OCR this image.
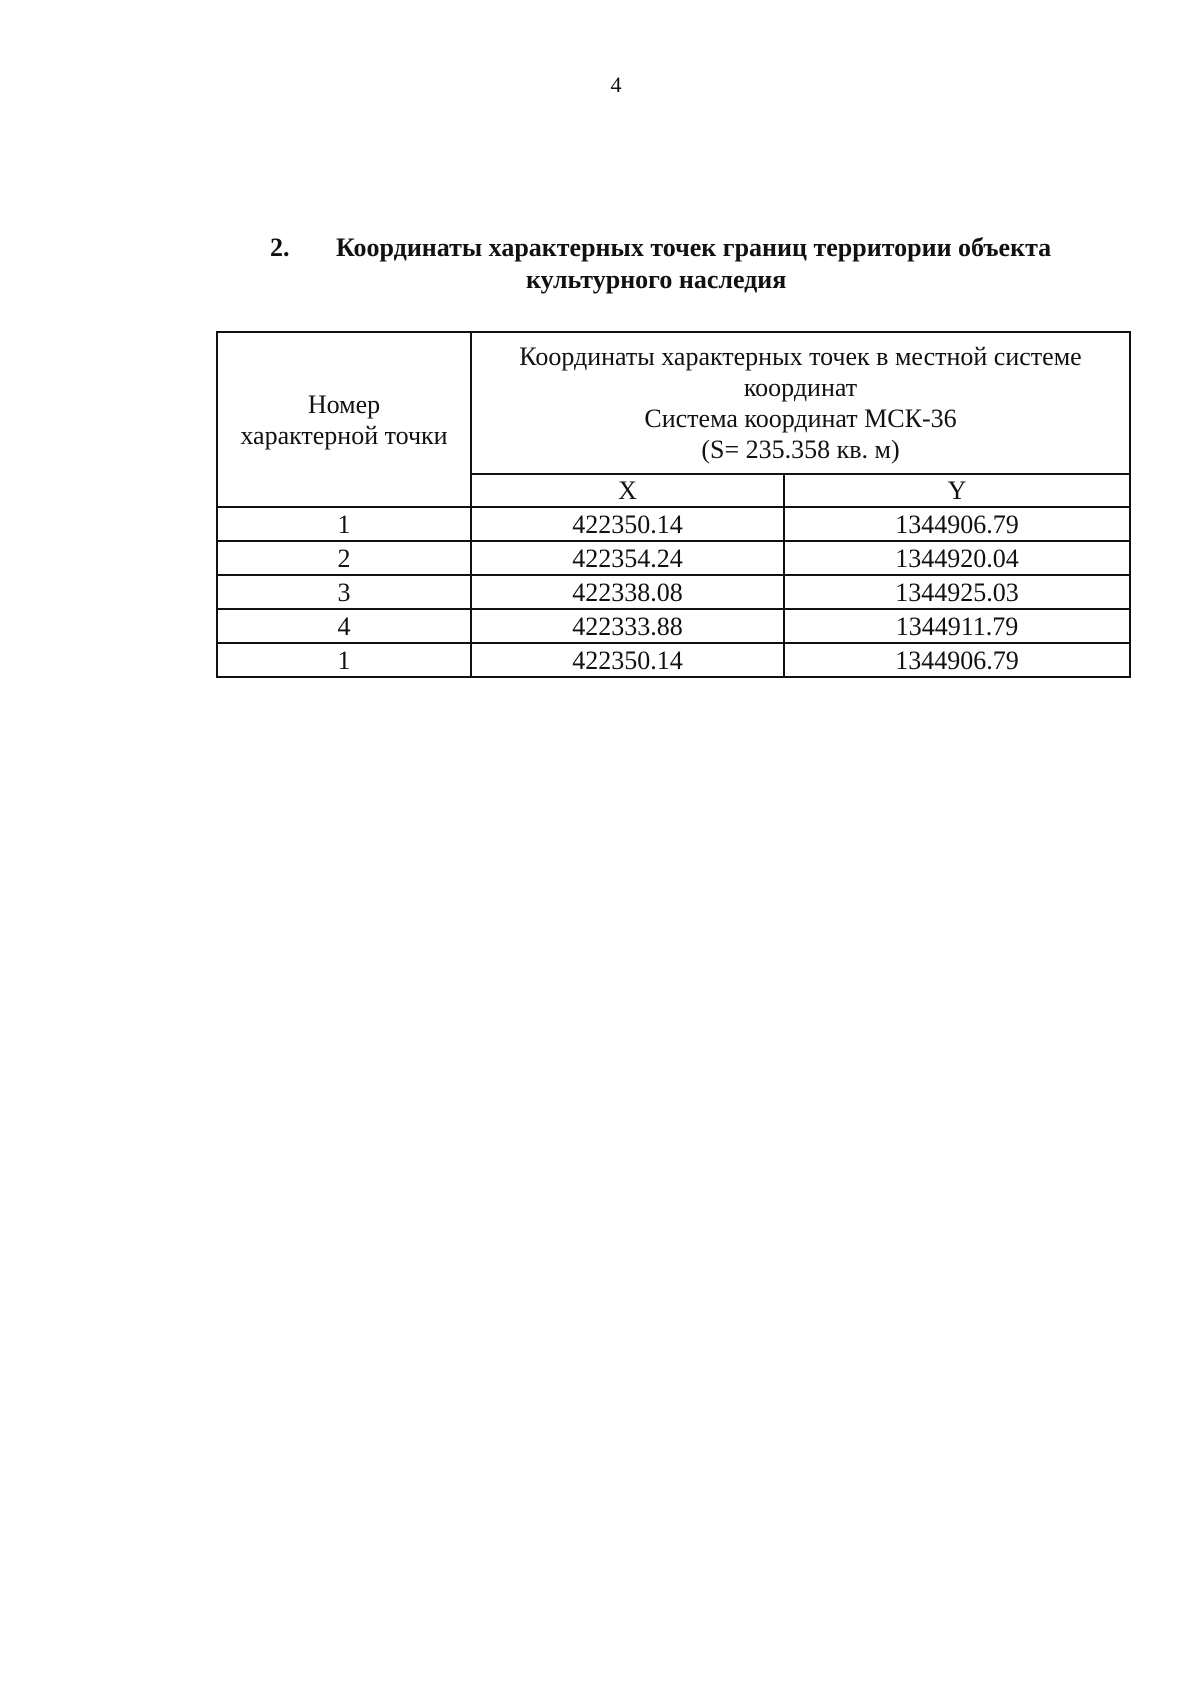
4
2. Координаты характерных точек границ территории объекта
культурного наследия
Номер
характерной точки	Координаты характерных точек в местной системе
координат
Система координат МСК-36
(S= 235.358 кв. м)	

	X	Y
1	422350.14	1344906.79
2	422354.24	1344920.04
3	422338.08	1344925.03
4	422333.88	1344911.79
1	422350.14	1344906.79
